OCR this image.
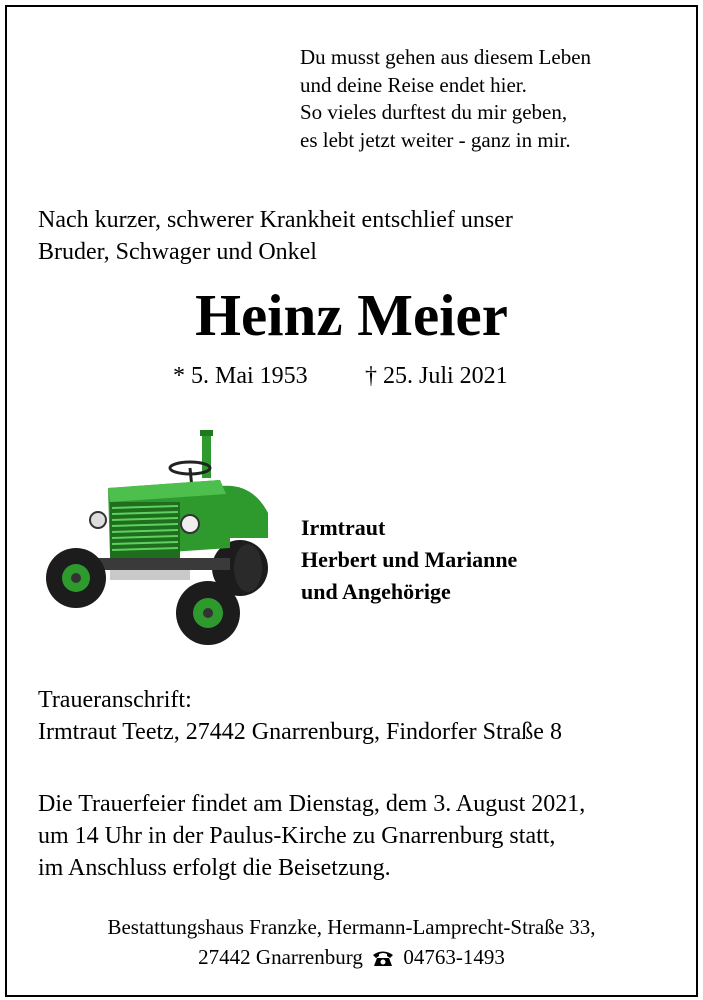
Du musst gehen aus diesem Leben
und deine Reise endet hier.
So vieles durftest du mir geben,
es lebt jetzt weiter - ganz in mir.
Nach kurzer, schwerer Krankheit entschlief unser
Bruder, Schwager und Onkel
Heinz Meier
* 5. Mai 1953 † 25. Juli 2021
Irmtraut
Herbert und Marianne
und Angehörige
Traueranschrift:
Irmtraut Teetz, 27442 Gnarrenburg, Findorfer Straße 8
Die Trauerfeier findet am Dienstag, dem 3. August 2021,
um 14 Uhr in der Paulus-Kirche zu Gnarrenburg statt,
im Anschluss erfolgt die Beisetzung.
Bestattungshaus Franzke, Hermann-Lamprecht-Straße 33,
27442 Gnarrenburg 04763-1493
